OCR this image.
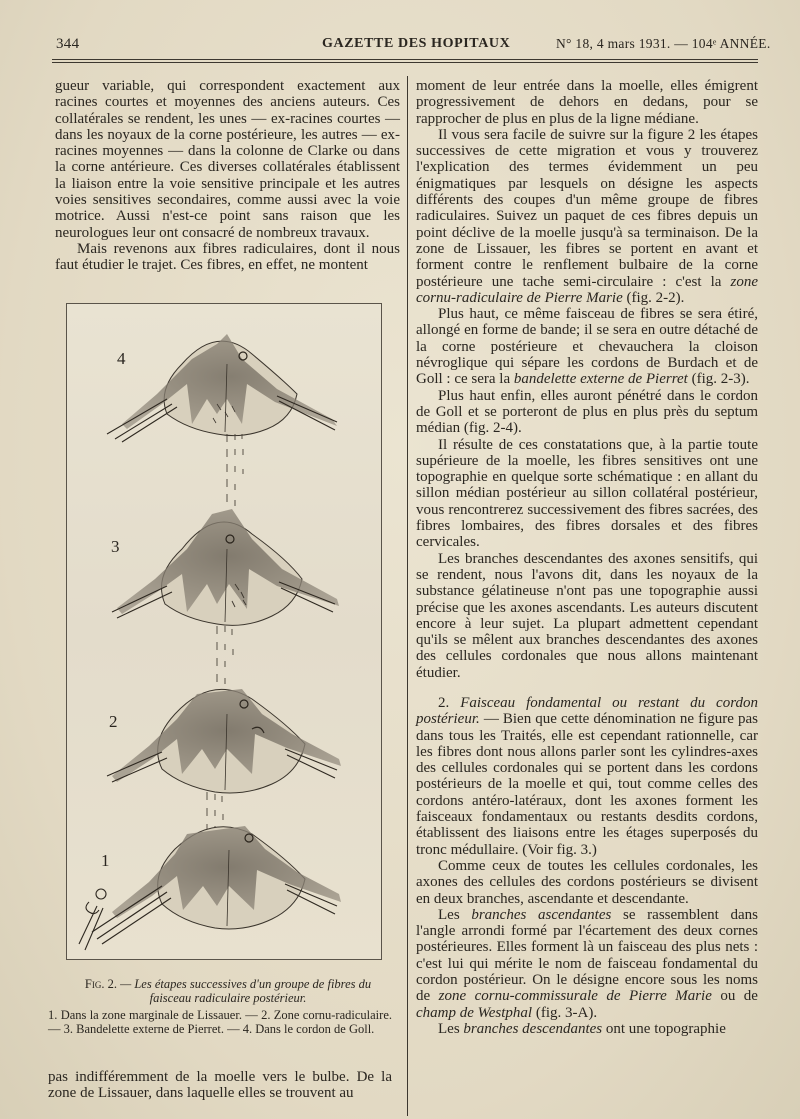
344	GAZETTE DES HOPITAUX	N° 18, 4 mars 1931. — 104ᵉ ANNÉE.

gueur variable, qui correspondent exactement aux racines courtes et moyennes des anciens auteurs. Ces collatérales se rendent, les unes — ex-racines courtes — dans les noyaux de la corne postérieure, les autres — ex-racines moyennes — dans la colonne de Clarke ou dans la corne antérieure. Ces diverses collatérales établissent la liaison entre la voie sensitive principale et les autres voies sensitives secondaires, comme aussi avec la voie motrice. Aussi n'est-ce point sans raison que les neurologues leur ont consacré de nombreux travaux.

Mais revenons aux fibres radiculaires, dont il nous faut étudier le trajet. Ces fibres, en effet, ne montent

4
3
2
1
Fig. 2. — Les étapes successives d'un groupe de fibres du faisceau radiculaire postérieur.
1. Dans la zone marginale de Lissauer. — 2. Zone cornu-radiculaire. — 3. Bandelette externe de Pierret. — 4. Dans le cordon de Goll.

pas indifféremment de la moelle vers le bulbe. De la zone de Lissauer, dans laquelle elles se trouvent au

moment de leur entrée dans la moelle, elles émigrent progressivement de dehors en dedans, pour se rapprocher de plus en plus de la ligne médiane.

Il vous sera facile de suivre sur la figure 2 les étapes successives de cette migration et vous y trouverez l'explication des termes évidemment un peu énigmatiques par lesquels on désigne les aspects différents des coupes d'un même groupe de fibres radiculaires. Suivez un paquet de ces fibres depuis un point déclive de la moelle jusqu'à sa terminaison. De la zone de Lissauer, les fibres se portent en avant et forment contre le renflement bulbaire de la corne postérieure une tache semi-circulaire : c'est la zone cornu-radiculaire de Pierre Marie (fig. 2-2).

Plus haut, ce même faisceau de fibres se sera étiré, allongé en forme de bande; il se sera en outre détaché de la corne postérieure et chevauchera la cloison névroglique qui sépare les cordons de Burdach et de Goll : ce sera la bandelette externe de Pierret (fig. 2-3).

Plus haut enfin, elles auront pénétré dans le cordon de Goll et se porteront de plus en plus près du septum médian (fig. 2-4).

Il résulte de ces constatations que, à la partie toute supérieure de la moelle, les fibres sensitives ont une topographie en quelque sorte schématique : en allant du sillon médian postérieur au sillon collatéral postérieur, vous rencontrerez successivement des fibres sacrées, des fibres lombaires, des fibres dorsales et des fibres cervicales.

Les branches descendantes des axones sensitifs, qui se rendent, nous l'avons dit, dans les noyaux de la substance gélatineuse n'ont pas une topographie aussi précise que les axones ascendants. Les auteurs discutent encore à leur sujet. La plupart admettent cependant qu'ils se mêlent aux branches descendantes des axones des cellules cordonales que nous allons maintenant étudier.

2. Faisceau fondamental ou restant du cordon postérieur. — Bien que cette dénomination ne figure pas dans tous les Traités, elle est cependant rationnelle, car les fibres dont nous allons parler sont les cylindres-axes des cellules cordonales qui se portent dans les cordons postérieurs de la moelle et qui, tout comme celles des cordons antéro-latéraux, dont les axones forment les faisceaux fondamentaux ou restants desdits cordons, établissent des liaisons entre les étages superposés du tronc médullaire. (Voir fig. 3.)

Comme ceux de toutes les cellules cordonales, les axones des cellules des cordons postérieurs se divisent en deux branches, ascendante et descendante.

Les branches ascendantes se rassemblent dans l'angle arrondi formé par l'écartement des deux cornes postérieures. Elles forment là un faisceau des plus nets : c'est lui qui mérite le nom de faisceau fondamental du cordon postérieur. On le désigne encore sous les noms de zone cornu-commissurale de Pierre Marie ou de champ de Westphal (fig. 3-A).

Les branches descendantes ont une topographie
